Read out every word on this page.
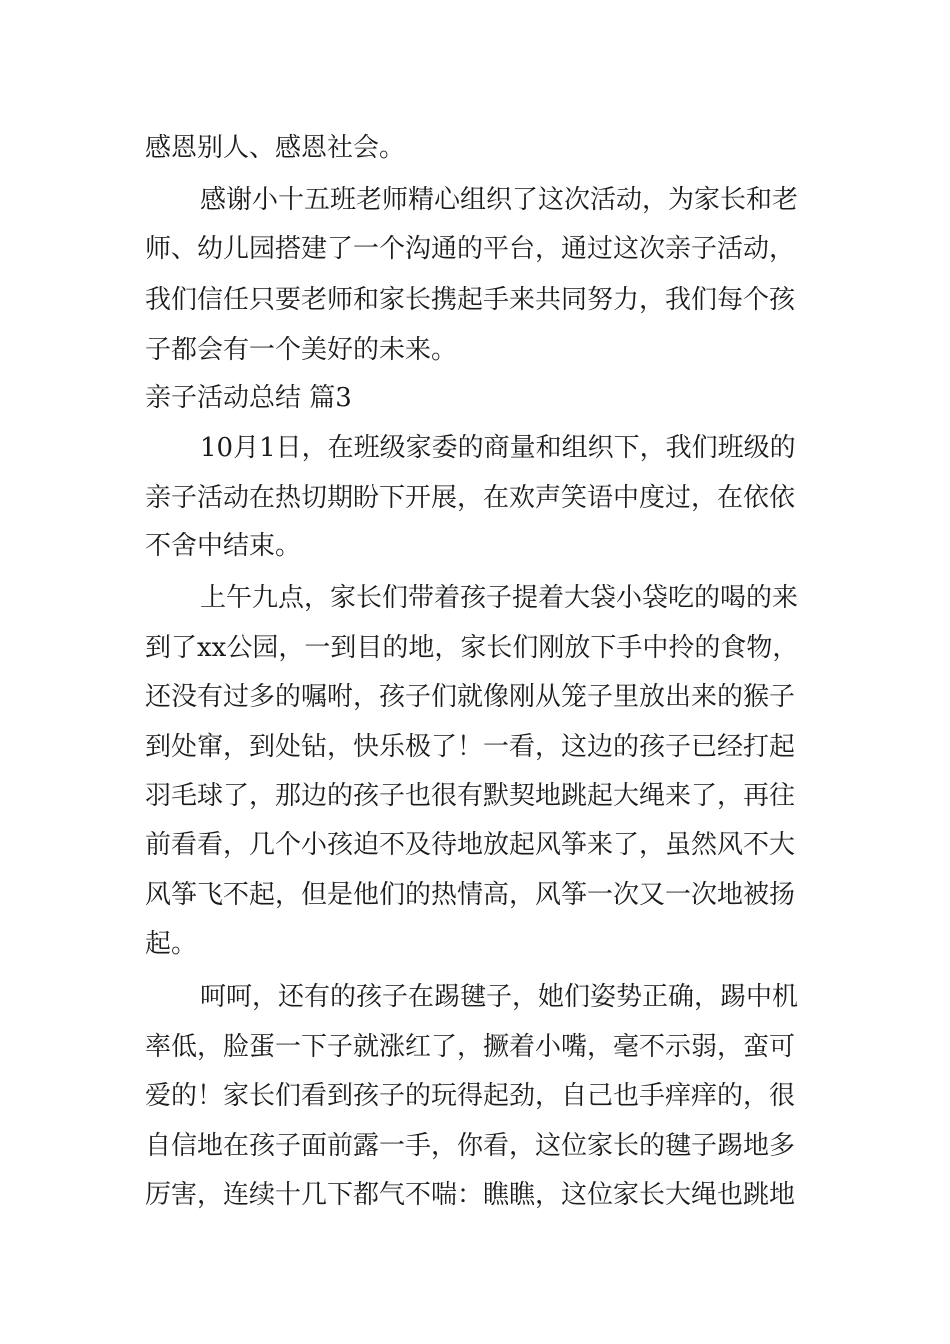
感恩别人、感恩社会。
感谢小十五班老师精心组织了这次活动，为家长和老
师、幼儿园搭建了一个沟通的平台，通过这次亲子活动，
我们信任只要老师和家长携起手来共同努力，我们每个孩
子都会有一个美好的未来。
亲子活动总结 篇3
10月1日，在班级家委的商量和组织下，我们班级的
亲子活动在热切期盼下开展，在欢声笑语中度过，在依依
不舍中结束。
上午九点，家长们带着孩子提着大袋小袋吃的喝的来
到了xx公园，一到目的地，家长们刚放下手中拎的食物，
还没有过多的嘱咐，孩子们就像刚从笼子里放出来的猴子
到处窜，到处钻，快乐极了！一看，这边的孩子已经打起
羽毛球了，那边的孩子也很有默契地跳起大绳来了，再往
前看看，几个小孩迫不及待地放起风筝来了，虽然风不大
风筝飞不起，但是他们的热情高，风筝一次又一次地被扬
起。
呵呵，还有的孩子在踢毽子，她们姿势正确，踢中机
率低，脸蛋一下子就涨红了，撅着小嘴，毫不示弱，蛮可
爱的！家长们看到孩子的玩得起劲，自己也手痒痒的，很
自信地在孩子面前露一手，你看，这位家长的毽子踢地多
厉害，连续十几下都气不喘：瞧瞧，这位家长大绳也跳地
